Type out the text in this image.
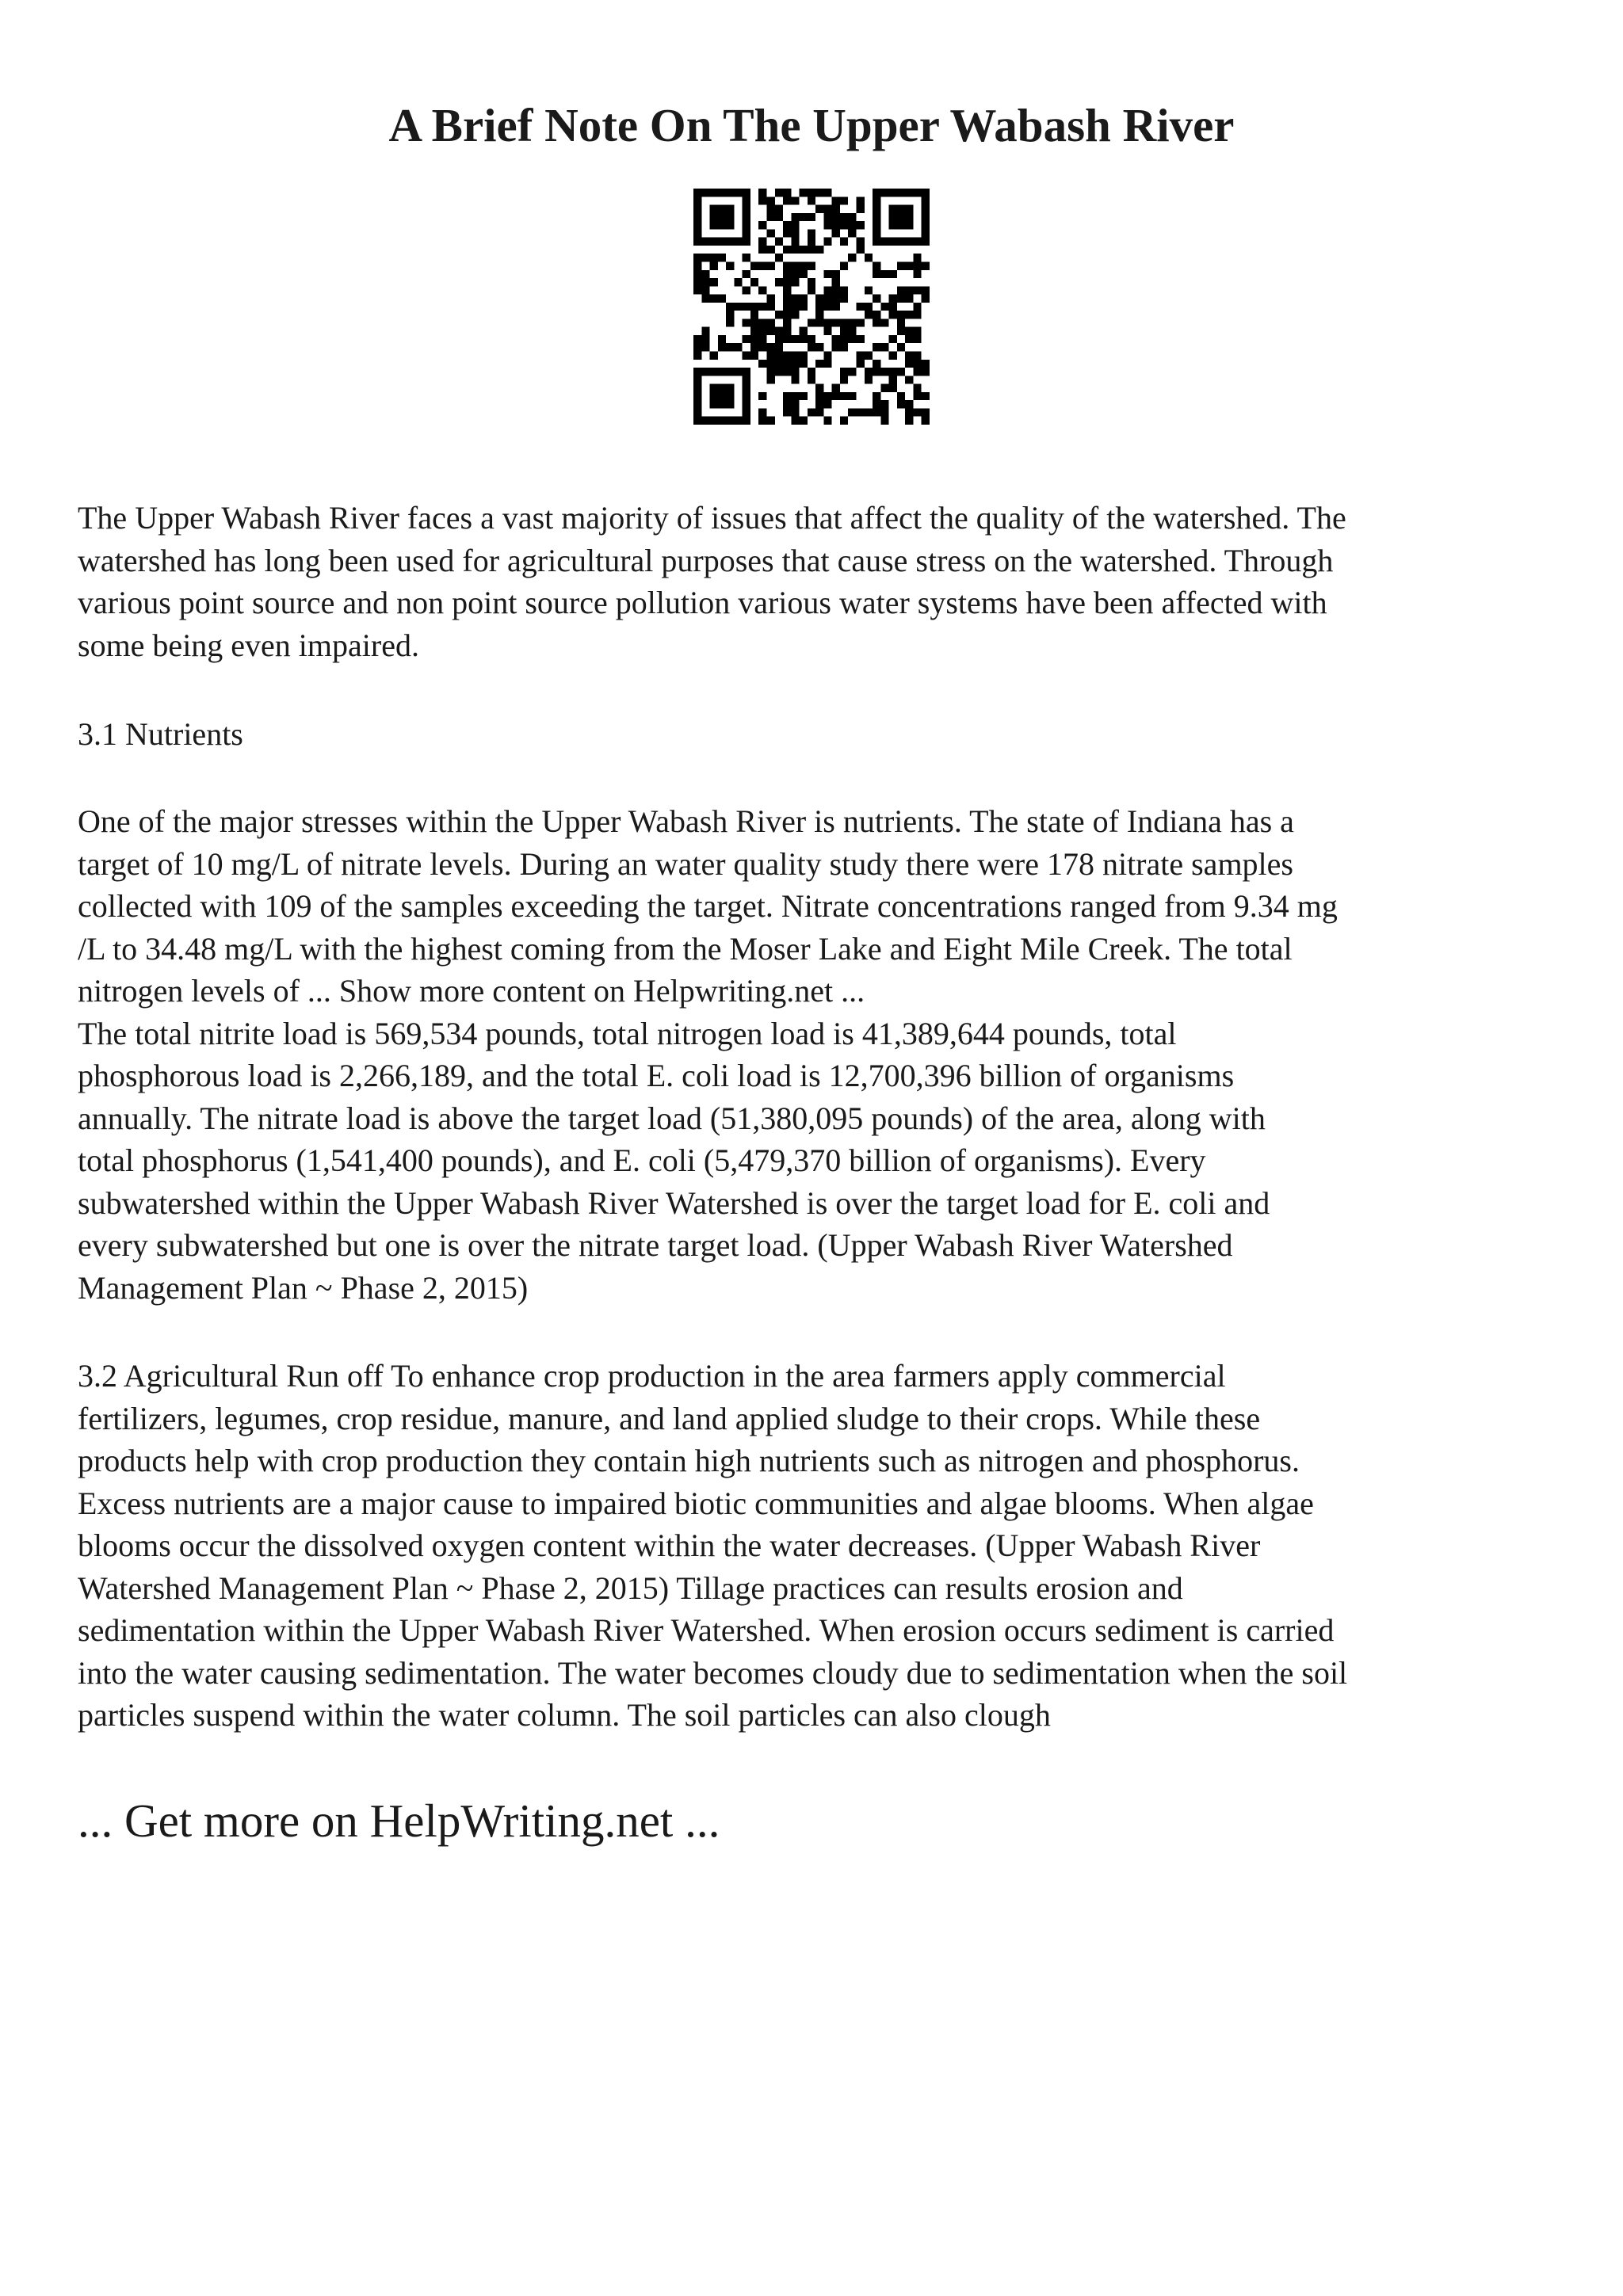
A Brief Note On The Upper Wabash River
The Upper Wabash River faces a vast majority of issues that affect the quality of the watershed. The
watershed has long been used for agricultural purposes that cause stress on the watershed. Through
various point source and non point source pollution various water systems have been affected with
some being even impaired.
3.1 Nutrients
One of the major stresses within the Upper Wabash River is nutrients. The state of Indiana has a
target of 10 mg/L of nitrate levels. During an water quality study there were 178 nitrate samples
collected with 109 of the samples exceeding the target. Nitrate concentrations ranged from 9.34 mg
/L to 34.48 mg/L with the highest coming from the Moser Lake and Eight Mile Creek. The total
nitrogen levels of ... Show more content on Helpwriting.net ...
The total nitrite load is 569,534 pounds, total nitrogen load is 41,389,644 pounds, total
phosphorous load is 2,266,189, and the total E. coli load is 12,700,396 billion of organisms
annually. The nitrate load is above the target load (51,380,095 pounds) of the area, along with
total phosphorus (1,541,400 pounds), and E. coli (5,479,370 billion of organisms). Every
subwatershed within the Upper Wabash River Watershed is over the target load for E. coli and
every subwatershed but one is over the nitrate target load. (Upper Wabash River Watershed
Management Plan ~ Phase 2, 2015)
3.2 Agricultural Run off To enhance crop production in the area farmers apply commercial
fertilizers, legumes, crop residue, manure, and land applied sludge to their crops. While these
products help with crop production they contain high nutrients such as nitrogen and phosphorus.
Excess nutrients are a major cause to impaired biotic communities and algae blooms. When algae
blooms occur the dissolved oxygen content within the water decreases. (Upper Wabash River
Watershed Management Plan ~ Phase 2, 2015) Tillage practices can results erosion and
sedimentation within the Upper Wabash River Watershed. When erosion occurs sediment is carried
into the water causing sedimentation. The water becomes cloudy due to sedimentation when the soil
particles suspend within the water column. The soil particles can also clough
... Get more on HelpWriting.net ...
